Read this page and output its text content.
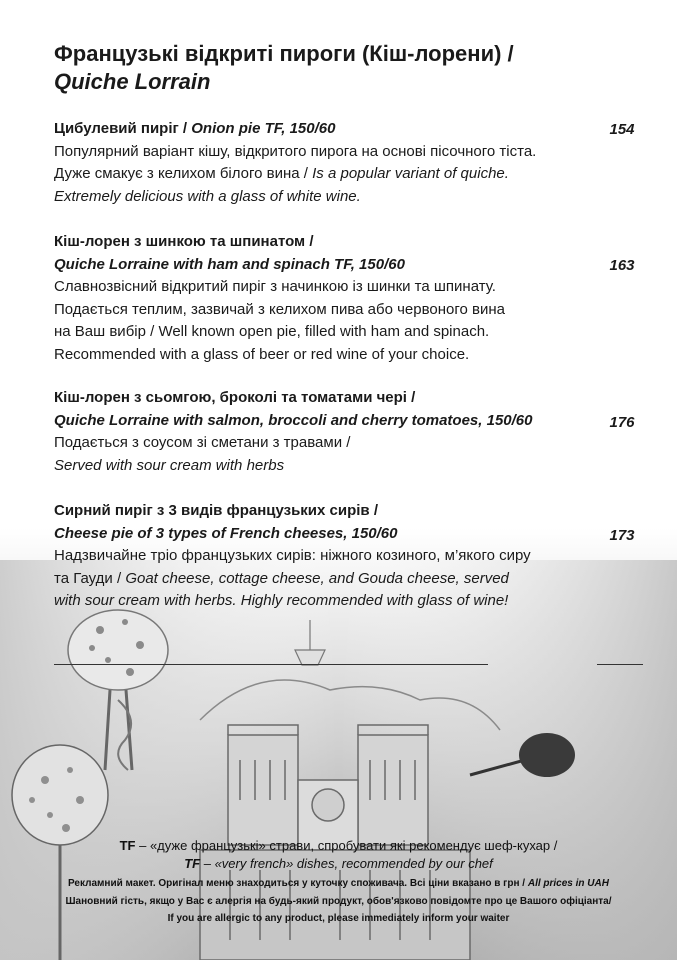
Французькі відкриті пироги (Кіш-лорени) /
Quiche Lorrain
Цибулевий пиріг / Onion pie TF, 150/60
Популярний варіант кішу, відкритого пирога на основі пісочного тіста.
Дуже смакує з келихом білого вина / Is a popular variant of quiche.
Extremely delicious with a glass of white wine.
154
Кіш-лорен з шинкою та шпинатом /
Quiche Lorraine with ham and spinach TF, 150/60
Славнозвісний відкритий пиріг з начинкою із шинки та шпинату.
Подається теплим, зазвичай з келихом пива або червоного вина
на Ваш вибір / Well known open pie, filled with ham and spinach.
Recommended with a glass of beer or red wine of your choice.
163
Кіш-лорен з сьомгою, броколі та томатами чері /
Quiche Lorraine with salmon, broccoli and cherry tomatoes, 150/60
Подається з соусом зі сметани з травами /
Served with sour cream with herbs
176
Сирний пиріг з 3 видів французьких сирів /
Cheese pie of 3 types of French cheeses, 150/60
Надзвичайне тріо французьких сирів: ніжного козиного, м’якого сиру
та Гауди / Goat cheese, cottage cheese, and Gouda cheese, served
with sour cream with herbs. Highly recommended with glass of wine!
173
TF – «дуже французькі» страви, спробувати які рекомендує шеф-кухар /
TF – «very french» dishes, recommended by our chef
Рекламний макет. Оригінал меню знаходиться у куточку споживача. Всі ціни вказано в грн / All prices in UAH
Шановний гість, якщо у Вас є алергія на будь-який продукт, обов'язково повідомте про це Вашого офіціанта/
If you are allergic to any product, please immediately inform your waiter
